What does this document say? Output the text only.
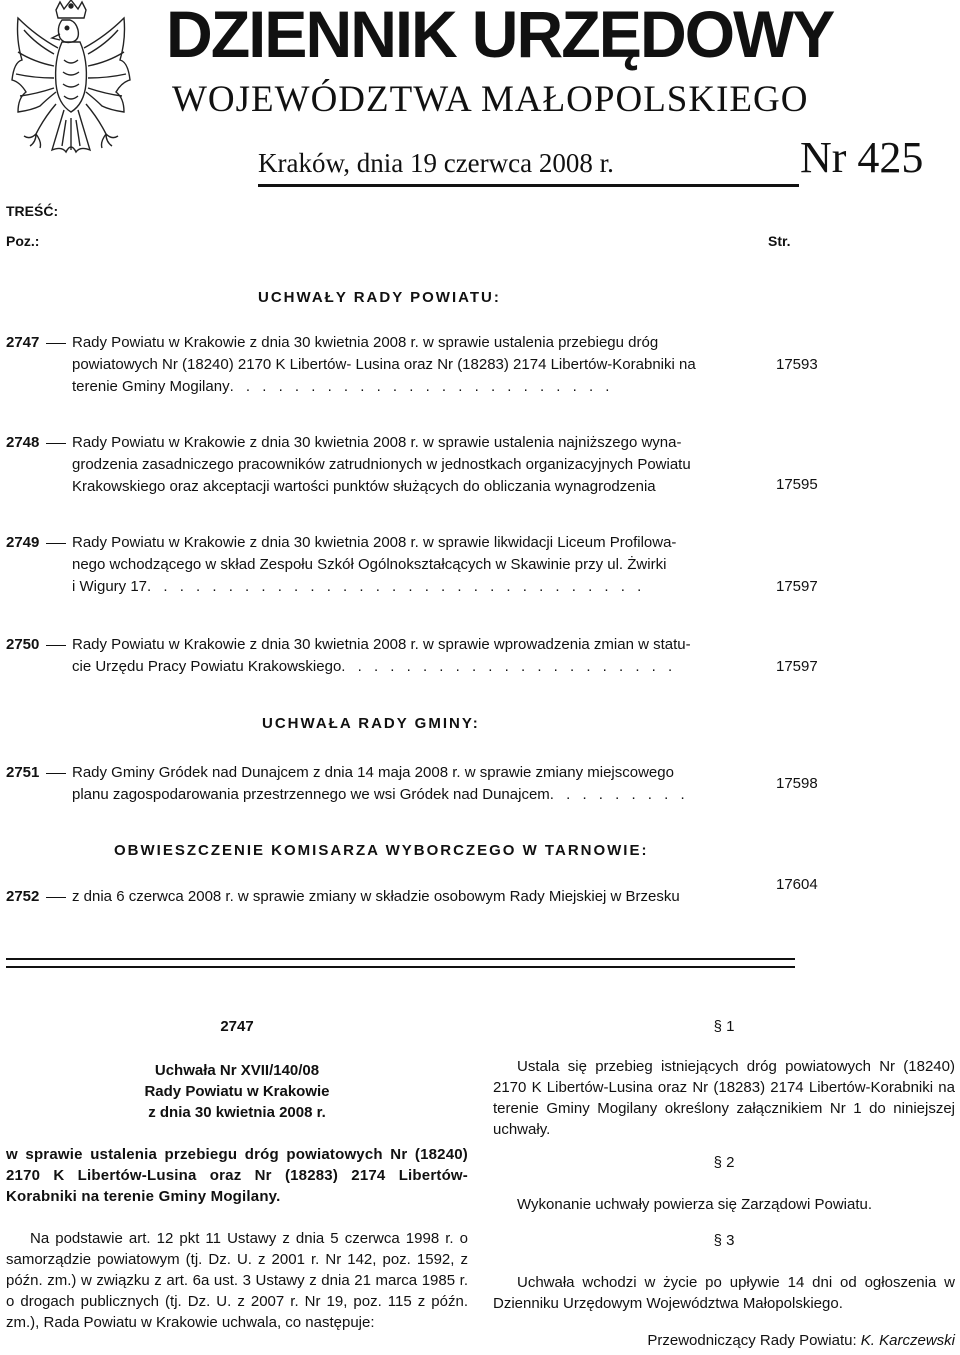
DZIENNIK URZĘDOWY
WOJEWÓDZTWA MAŁOPOLSKIEGO
Kraków, dnia 19 czerwca 2008 r.	Nr 425
TREŚĆ:
Poz.:	Str.
UCHWAŁY RADY POWIATU:
2747 Rady Powiatu w Krakowie z dnia 30 kwietnia 2008 r. w sprawie ustalenia przebiegu dróg
powiatowych Nr (18240) 2170 K Libertów- Lusina oraz Nr (18283) 2174 Libertów-Korabniki na
terenie Gminy Mogilany. . . . . . . . . . . . . . . . . . . . . . . .
17593
2748 Rady Powiatu w Krakowie z dnia 30 kwietnia 2008 r. w sprawie ustalenia najniższego wyna-
grodzenia zasadniczego pracowników zatrudnionych w jednostkach organizacyjnych Powiatu
Krakowskiego oraz akceptacji wartości punktów służących do obliczania wynagrodzenia	17595
2749 Rady Powiatu w Krakowie z dnia 30 kwietnia 2008 r. w sprawie likwidacji Liceum Profilowa-
nego wchodzącego w skład Zespołu Szkół Ogólnokształcących w Skawinie przy ul. Żwirki
i Wigury 17. . . . . . . . . . . . . . . . . . . . . . . . . . . . . . .	17597
2750 Rady Powiatu w Krakowie z dnia 30 kwietnia 2008 r. w sprawie wprowadzenia zmian w statu-
cie Urzędu Pracy Powiatu Krakowskiego. . . . . . . . . . . . . . . . . . . . .	17597
UCHWAŁA RADY GMINY:
2751 Rady Gminy Gródek nad Dunajcem z dnia 14 maja 2008 r. w sprawie zmiany miejscowego
planu zagospodarowania przestrzennego we wsi Gródek nad Dunajcem. . . . . . . . .
17598
OBWIESZCZENIE KOMISARZA WYBORCZEGO W TARNOWIE:
2752 z dnia 6 czerwca 2008 r. w sprawie zmiany w składzie osobowym Rady Miejskiej w Brzesku
17604
2747
Uchwała Nr XVII/140/08
Rady Powiatu w Krakowie
z dnia 30 kwietnia 2008 r.
w sprawie ustalenia przebiegu dróg powiatowych Nr (18240) 2170 K Libertów-Lusina oraz Nr (18283) 2174 Libertów-Korabniki na terenie Gminy Mogilany.
Na podstawie art. 12 pkt 11 Ustawy z dnia 5 czerwca 1998 r. o samorządzie powiatowym (tj. Dz. U. z 2001 r. Nr 142, poz. 1592, z późn. zm.) w związku z art. 6a ust. 3 Ustawy z dnia 21 marca 1985 r. o drogach publicznych (tj. Dz. U. z 2007 r. Nr 19, poz. 115 z późn. zm.), Rada Powiatu w Krakowie uchwala, co następuje:
§ 1
Ustala się przebieg istniejących dróg powiatowych Nr (18240) 2170 K Libertów-Lusina oraz Nr (18283) 2174 Libertów-Korabniki na terenie Gminy Mogilany określony załącznikiem Nr 1 do niniejszej uchwały.
§ 2
Wykonanie uchwały powierza się Zarządowi Powiatu.
§ 3
Uchwała wchodzi w życie po upływie 14 dni od ogłoszenia w Dzienniku Urzędowym Województwa Małopolskiego.
Przewodniczący Rady Powiatu: K. Karczewski
